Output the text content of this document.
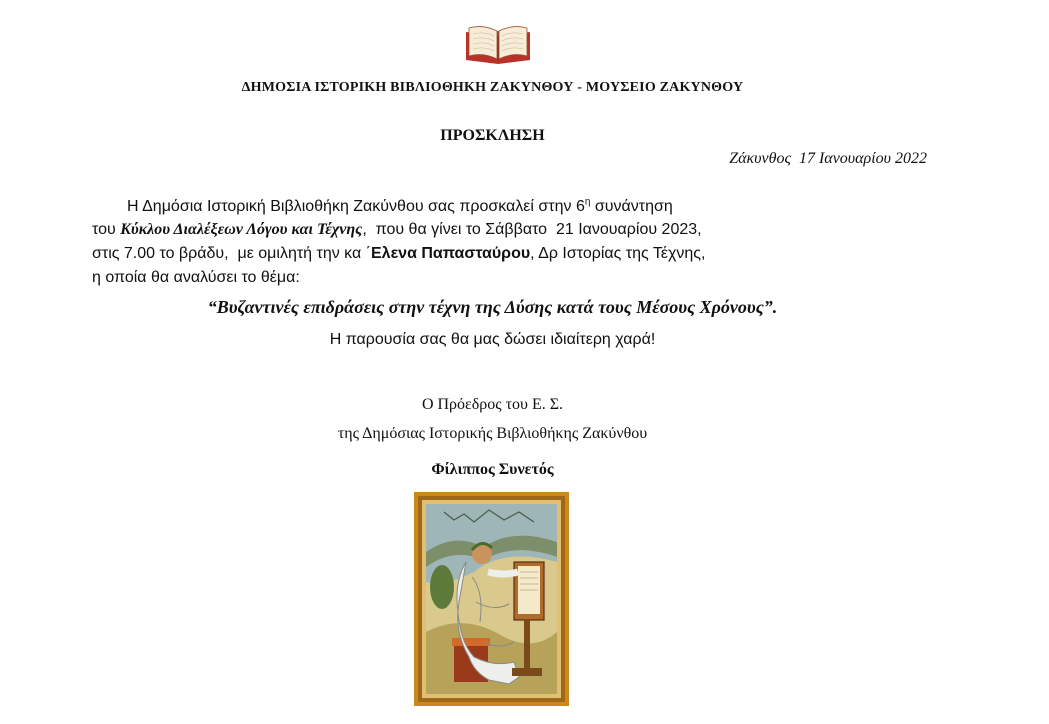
ΔΗΜΟΣΙΑ ΙΣΤΟΡΙΚΗ ΒΙΒΛΙΟΘΗΚΗ ΖΑΚΥΝΘΟΥ - ΜΟΥΣΕΙΟ ΖΑΚΥΝΘΟΥ
ΠΡΟΣΚΛΗΣΗ
Ζάκυνθος  17 Ιανουαρίου 2022
Η Δημόσια Ιστορική Βιβλιοθήκη Ζακύνθου σας προσκαλεί στην $6^\eta$ συνάντηση
του Κύκλου Διαλέξεων Λόγου και Τέχνης,  που θα γίνει το Σάββατο  21 Ιανουαρίου 2023,
στις 7.00 το βράδυ,  με ομιλητή την κα ΄Ελενα Παπασταύρου, Δρ Ιστορίας της Τέχνης,
η οποία θα αναλύσει το θέμα:
“Βυζαντινές επιδράσεις στην τέχνη της Δύσης κατά τους Μέσους Χρόνους”.
Η παρουσία σας θα μας δώσει ιδιαίτερη χαρά!
Ο Πρόεδρος του Ε. Σ.
της Δημόσιας Ιστορικής Βιβλιοθήκης Ζακύνθου
Φίλιππος Συνετός
